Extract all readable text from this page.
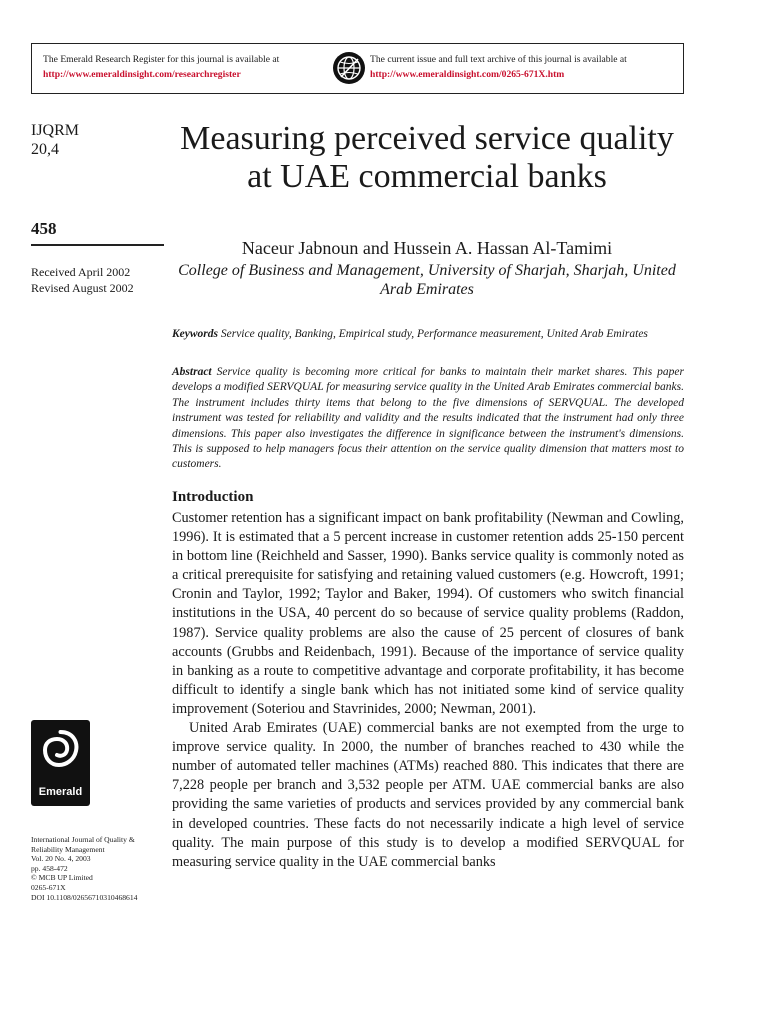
The Emerald Research Register for this journal is available at
http://www.emeraldinsight.com/researchregister
The current issue and full text archive of this journal is available at
http://www.emeraldinsight.com/0265-671X.htm
IJQRM
20,4
458
Received April 2002
Revised August 2002
Measuring perceived service quality at UAE commercial banks
Naceur Jabnoun and Hussein A. Hassan Al-Tamimi
College of Business and Management, University of Sharjah, Sharjah, United Arab Emirates
Keywords Service quality, Banking, Empirical study, Performance measurement, United Arab Emirates
Abstract Service quality is becoming more critical for banks to maintain their market shares. This paper develops a modified SERVQUAL for measuring service quality in the United Arab Emirates commercial banks. The instrument includes thirty items that belong to the five dimensions of SERVQUAL. The developed instrument was tested for reliability and validity and the results indicated that the instrument had only three dimensions. This paper also investigates the difference in significance between the instrument's dimensions. This is supposed to help managers focus their attention on the service quality dimension that matters most to customers.
Introduction

Customer retention has a significant impact on bank profitability (Newman and Cowling, 1996). It is estimated that a 5 percent increase in customer retention adds 25-150 percent in bottom line (Reichheld and Sasser, 1990). Banks service quality is commonly noted as a critical prerequisite for satisfying and retaining valued customers (e.g. Howcroft, 1991; Cronin and Taylor, 1992; Taylor and Baker, 1994). Of customers who switch financial institutions in the USA, 40 percent do so because of service quality problems (Raddon, 1987). Service quality problems are also the cause of 25 percent of closures of bank accounts (Grubbs and Reidenbach, 1991). Because of the importance of service quality in banking as a route to competitive advantage and corporate profitability, it has become difficult to identify a single bank which has not initiated some kind of service quality improvement (Soteriou and Stavrinides, 2000; Newman, 2001).

United Arab Emirates (UAE) commercial banks are not exempted from the urge to improve service quality. In 2000, the number of branches reached to 430 while the number of automated teller machines (ATMs) reached 880. This indicates that there are 7,228 people per branch and 3,532 people per ATM. UAE commercial banks are also providing the same varieties of products and services provided by any commercial bank in developed countries. These facts do not necessarily indicate a high level of service quality. The main purpose of this study is to develop a modified SERVQUAL for measuring service quality in the UAE commercial banks

Emerald
International Journal of Quality &
Reliability Management
Vol. 20 No. 4, 2003
pp. 458-472
© MCB UP Limited
0265-671X
DOI 10.1108/02656710310468614
